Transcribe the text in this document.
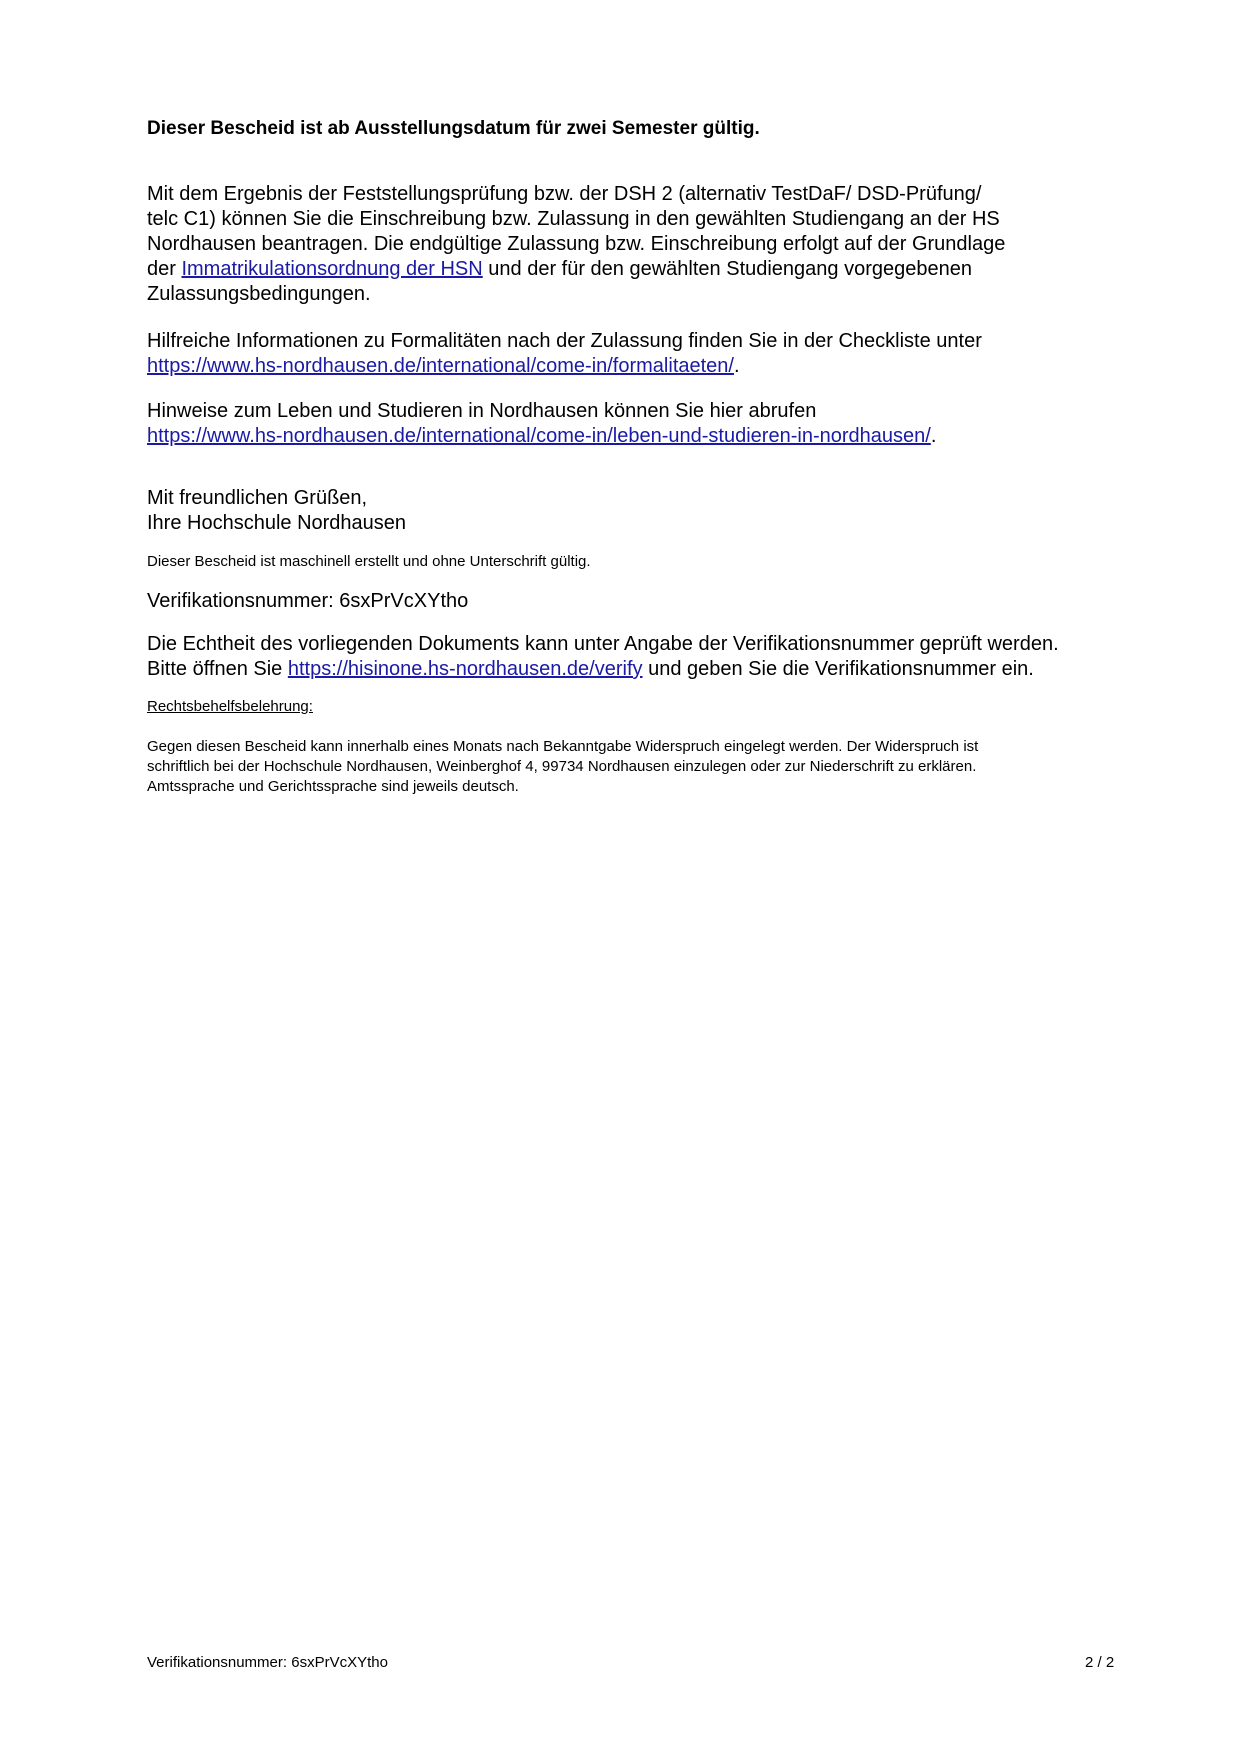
Dieser Bescheid ist ab Ausstellungsdatum für zwei Semester gültig.

Mit dem Ergebnis der Feststellungsprüfung bzw. der DSH 2 (alternativ TestDaF/ DSD-Prüfung/
telc C1) können Sie die Einschreibung bzw. Zulassung in den gewählten Studiengang an der HS
Nordhausen beantragen. Die endgültige Zulassung bzw. Einschreibung erfolgt auf der Grundlage
der Immatrikulationsordnung der HSN und der für den gewählten Studiengang vorgegebenen
Zulassungsbedingungen.
Hilfreiche Informationen zu Formalitäten nach der Zulassung finden Sie in der Checkliste unter
https://www.hs-nordhausen.de/international/come-in/formalitaeten/.
Hinweise zum Leben und Studieren in Nordhausen können Sie hier abrufen
https://www.hs-nordhausen.de/international/come-in/leben-und-studieren-in-nordhausen/.
Mit freundlichen Grüßen,
Ihre Hochschule Nordhausen

Dieser Bescheid ist maschinell erstellt und ohne Unterschrift gültig.

Verifikationsnummer: 6sxPrVcXYtho

Die Echtheit des vorliegenden Dokuments kann unter Angabe der Verifikationsnummer geprüft werden.
Bitte öffnen Sie https://hisinone.hs-nordhausen.de/verify und geben Sie die Verifikationsnummer ein.

Rechtsbehelfsbelehrung:

Gegen diesen Bescheid kann innerhalb eines Monats nach Bekanntgabe Widerspruch eingelegt werden. Der Widerspruch ist
schriftlich bei der Hochschule Nordhausen, Weinberghof 4, 99734 Nordhausen einzulegen oder zur Niederschrift zu erklären.
Amtssprache und Gerichtssprache sind jeweils deutsch.
Verifikationsnummer: 6sxPrVcXYtho	2 / 2
